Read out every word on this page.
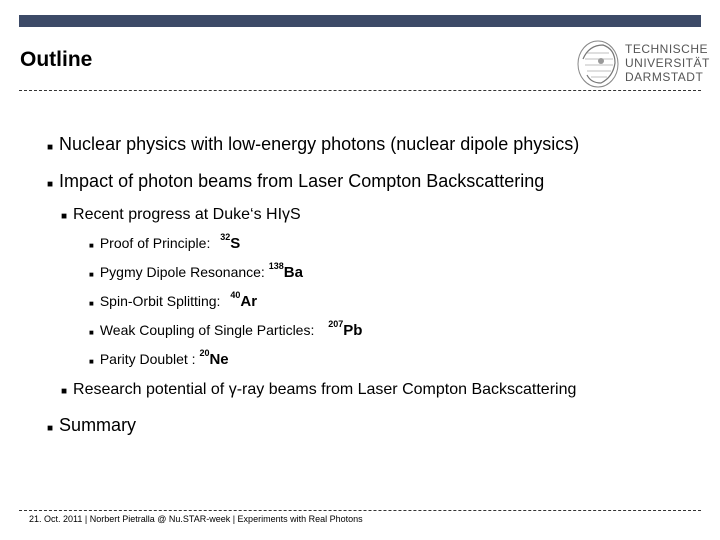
Outline	TECHNISCHE
UNIVERSITÄT
DARMSTADT
■ Nuclear physics with low-energy photons (nuclear dipole physics)
■ Impact of photon beams from Laser Compton Backscattering
■ Recent progress at Duke‘s HIγS
■ Proof of Principle: $^{32}$S
■ Pygmy Dipole Resonance: $^{138}$Ba
■ Spin-Orbit Splitting: $^{40}$Ar
■ Weak Coupling of Single Particles: $^{207}$Pb
■ Parity Doublet : $^{20}$Ne
■ Research potential of γ-ray beams from Laser Compton Backscattering
■ Summary
21. Oct. 2011 | Norbert Pietralla @ Nu.STAR-week | Experiments with Real Photons
